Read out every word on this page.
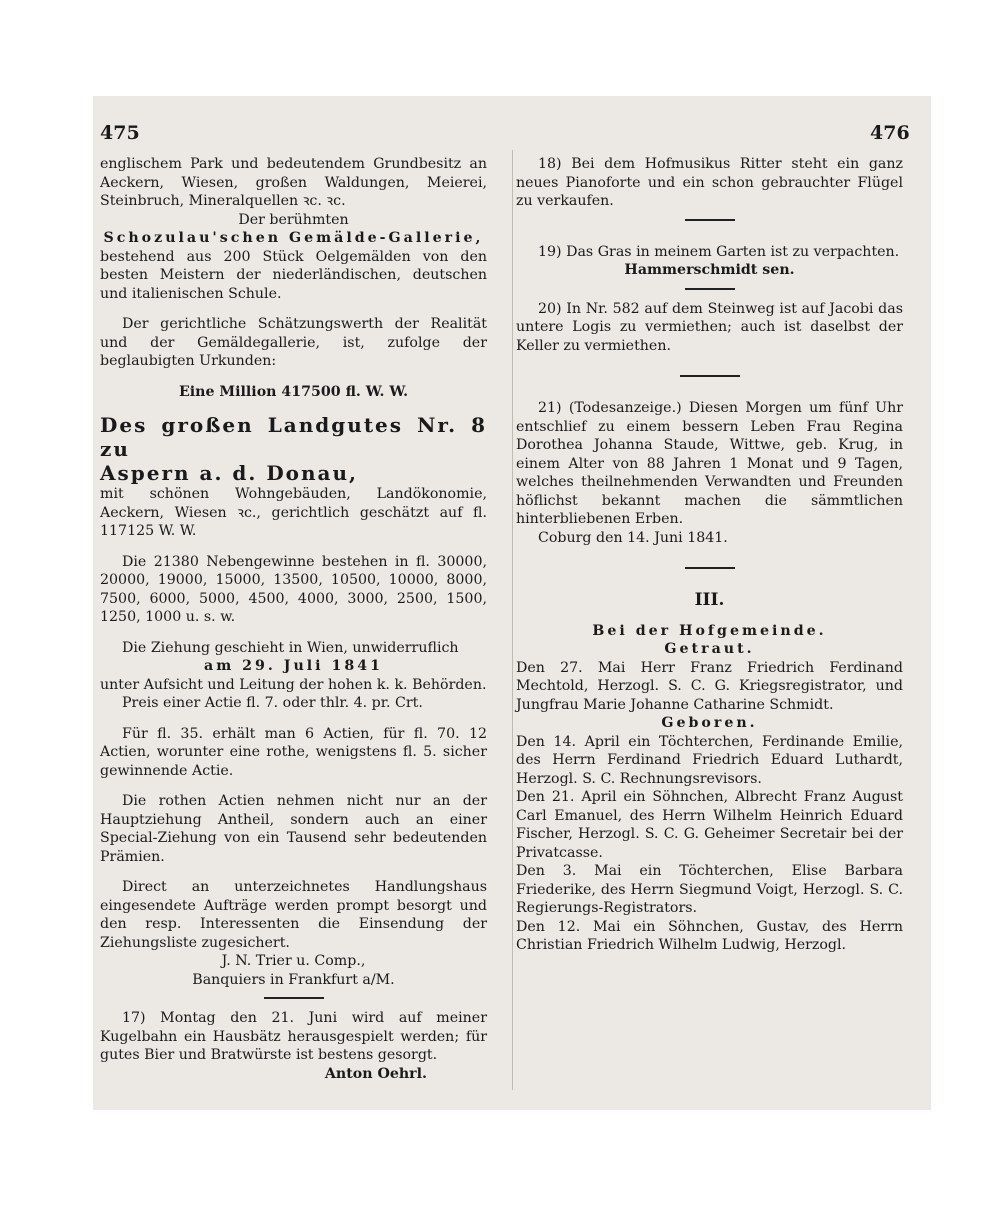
475	476

englischem Park und bedeutendem Grundbesitz an Aeckern, Wiesen, großen Waldungen, Meierei, Steinbruch, Mineralquellen ꝛc. ꝛc.

Der berühmten

Schozulau'schen Gemälde-Gallerie,

bestehend aus 200 Stück Oelgemälden von den besten Meistern der niederländischen, deutschen und italienischen Schule.

Der gerichtliche Schätzungswerth der Realität und der Gemäldegallerie, ist, zufolge der beglaubigten Urkunden:

Eine Million 417500 fl. W. W.

Des großen Landgutes Nr. 8 zu

Aspern a. d. Donau,

mit schönen Wohngebäuden, Landökonomie, Aeckern, Wiesen ꝛc., gerichtlich geschätzt auf fl. 117125 W. W.

Die 21380 Nebengewinne bestehen in fl. 30000, 20000, 19000, 15000, 13500, 10500, 10000, 8000, 7500, 6000, 5000, 4500, 4000, 3000, 2500, 1500, 1250, 1000 u. s. w.

Die Ziehung geschieht in Wien, unwiderruflich

am 29. Juli 1841

unter Aufsicht und Leitung der hohen k. k. Behörden.

Preis einer Actie fl. 7. oder thlr. 4. pr. Crt.

Für fl. 35. erhält man 6 Actien, für fl. 70. 12 Actien, worunter eine rothe, wenigstens fl. 5. sicher gewinnende Actie.

Die rothen Actien nehmen nicht nur an der Hauptziehung Antheil, sondern auch an einer Special-Ziehung von ein Tausend sehr bedeutenden Prämien.

Direct an unterzeichnetes Handlungshaus eingesendete Aufträge werden prompt besorgt und den resp. Interessenten die Einsendung der Ziehungsliste zugesichert.

J. N. Trier u. Comp.,

Banquiers in Frankfurt a/M.

17) Montag den 21. Juni wird auf meiner Kugelbahn ein Hausbätz herausgespielt werden; für gutes Bier und Bratwürste ist bestens gesorgt.

Anton Oehrl.

18) Bei dem Hofmusikus Ritter steht ein ganz neues Pianoforte und ein schon gebrauchter Flügel zu verkaufen.

19) Das Gras in meinem Garten ist zu verpachten.

Hammerschmidt sen.

20) In Nr. 582 auf dem Steinweg ist auf Jacobi das untere Logis zu vermiethen; auch ist daselbst der Keller zu vermiethen.

21) (Todesanzeige.) Diesen Morgen um fünf Uhr entschlief zu einem bessern Leben Frau Regina Dorothea Johanna Staude, Wittwe, geb. Krug, in einem Alter von 88 Jahren 1 Monat und 9 Tagen, welches theilnehmenden Verwandten und Freunden höflichst bekannt machen die sämmtlichen hinterbliebenen Erben.

Coburg den 14. Juni 1841.

III.

Bei der Hofgemeinde.

Getraut.

Den 27. Mai Herr Franz Friedrich Ferdinand Mechtold, Herzogl. S. C. G. Kriegsregistrator, und Jungfrau Marie Johanne Catharine Schmidt.

Geboren.

Den 14. April ein Töchterchen, Ferdinande Emilie, des Herrn Ferdinand Friedrich Eduard Luthardt, Herzogl. S. C. Rechnungsrevisors.

Den 21. April ein Söhnchen, Albrecht Franz August Carl Emanuel, des Herrn Wilhelm Heinrich Eduard Fischer, Herzogl. S. C. G. Geheimer Secretair bei der Privatcasse.

Den 3. Mai ein Töchterchen, Elise Barbara Friederike, des Herrn Siegmund Voigt, Herzogl. S. C. Regierungs-Registrators.

Den 12. Mai ein Söhnchen, Gustav, des Herrn Christian Friedrich Wilhelm Ludwig, Herzogl.
